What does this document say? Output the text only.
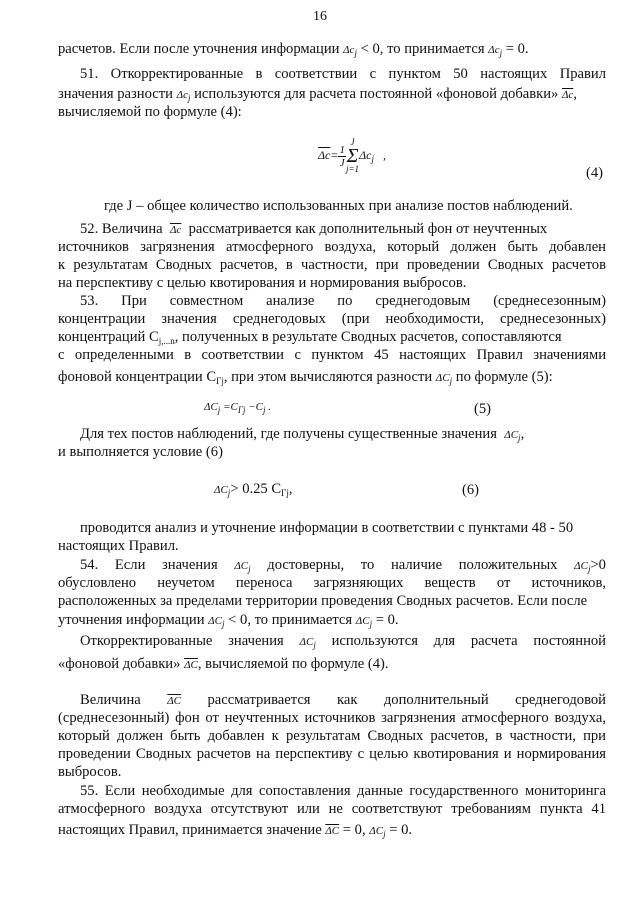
16
расчетов. Если после уточнения информации $\Delta c_j < 0$, то принимается $\Delta c_j = 0$.
51. Откорректированные в соответствии с пунктом 50 настоящих Правил
значения разности $\Delta c_j$ используются для расчета постоянной «фоновой добавки» $\overline{\Delta c}$,
вычисляемой по формуле (4):
$\overline{\Delta c}= \frac{1}{J}$
J
Σ
$j=1\Delta c_j$ ,
(4)
где J – общее количество использованных при анализе постов наблюдений.
52. Величина $\overline{\Delta c}$ рассматривается как дополнительный фон от неучтенных
источников загрязнения атмосферного воздуха, который должен быть добавлен
к результатам Сводных расчетов, в частности, при проведении Сводных расчетов
на перспективу с целью квотирования и нормирования выбросов.
53. При совместном анализе по среднегодовым (среднесезонным)
концентрации значения среднегодовых (при необходимости, среднесезонных)
концентраций $C_{j,...n}$, полученных в результате Сводных расчетов, сопоставляются
с определенными в соответствии с пунктом 45 настоящих Правил значениями
фоновой концентрации $C_{Гj}$, при этом вычисляются разности $\Delta C_j$ по формуле (5):
$\Delta C_j =C_{Гj} -C_j$ .	(5)
Для тех постов наблюдений, где получены существенные значения $\Delta C_j$,
и выполняется условие (6)
$\Delta C_j> 0.25$ $C_{Гj}$,	(6)
проводится анализ и уточнение информации в соответствии с пунктами 48 - 50
настоящих Правил.
54. Если значения $\Delta C_j$ достоверны, то наличие положительных $\Delta C_j>0$
обусловлено неучетом переноса загрязняющих веществ от источников,
расположенных за пределами территории проведения Сводных расчетов. Если после
уточнения информации $\Delta C_j < 0$, то принимается $\Delta C_j = 0$.
Откорректированные значения $\Delta C_j$ используются для расчета постоянной
«фоновой добавки» $\overline{\Delta C}$, вычисляемой по формуле (4).
Величина $\overline{\Delta C}$ рассматривается как дополнительный среднегодовой
(среднесезонный) фон от неучтенных источников загрязнения атмосферного воздуха,
который должен быть добавлен к результатам Сводных расчетов, в частности, при
проведении Сводных расчетов на перспективу с целью квотирования и нормирования
выбросов.
55. Если необходимые для сопоставления данные государственного мониторинга
атмосферного воздуха отсутствуют или не соответствуют требованиям пункта 41
настоящих Правил, принимается значение $\overline{\Delta C} = 0$, $\Delta C_j = 0$.
